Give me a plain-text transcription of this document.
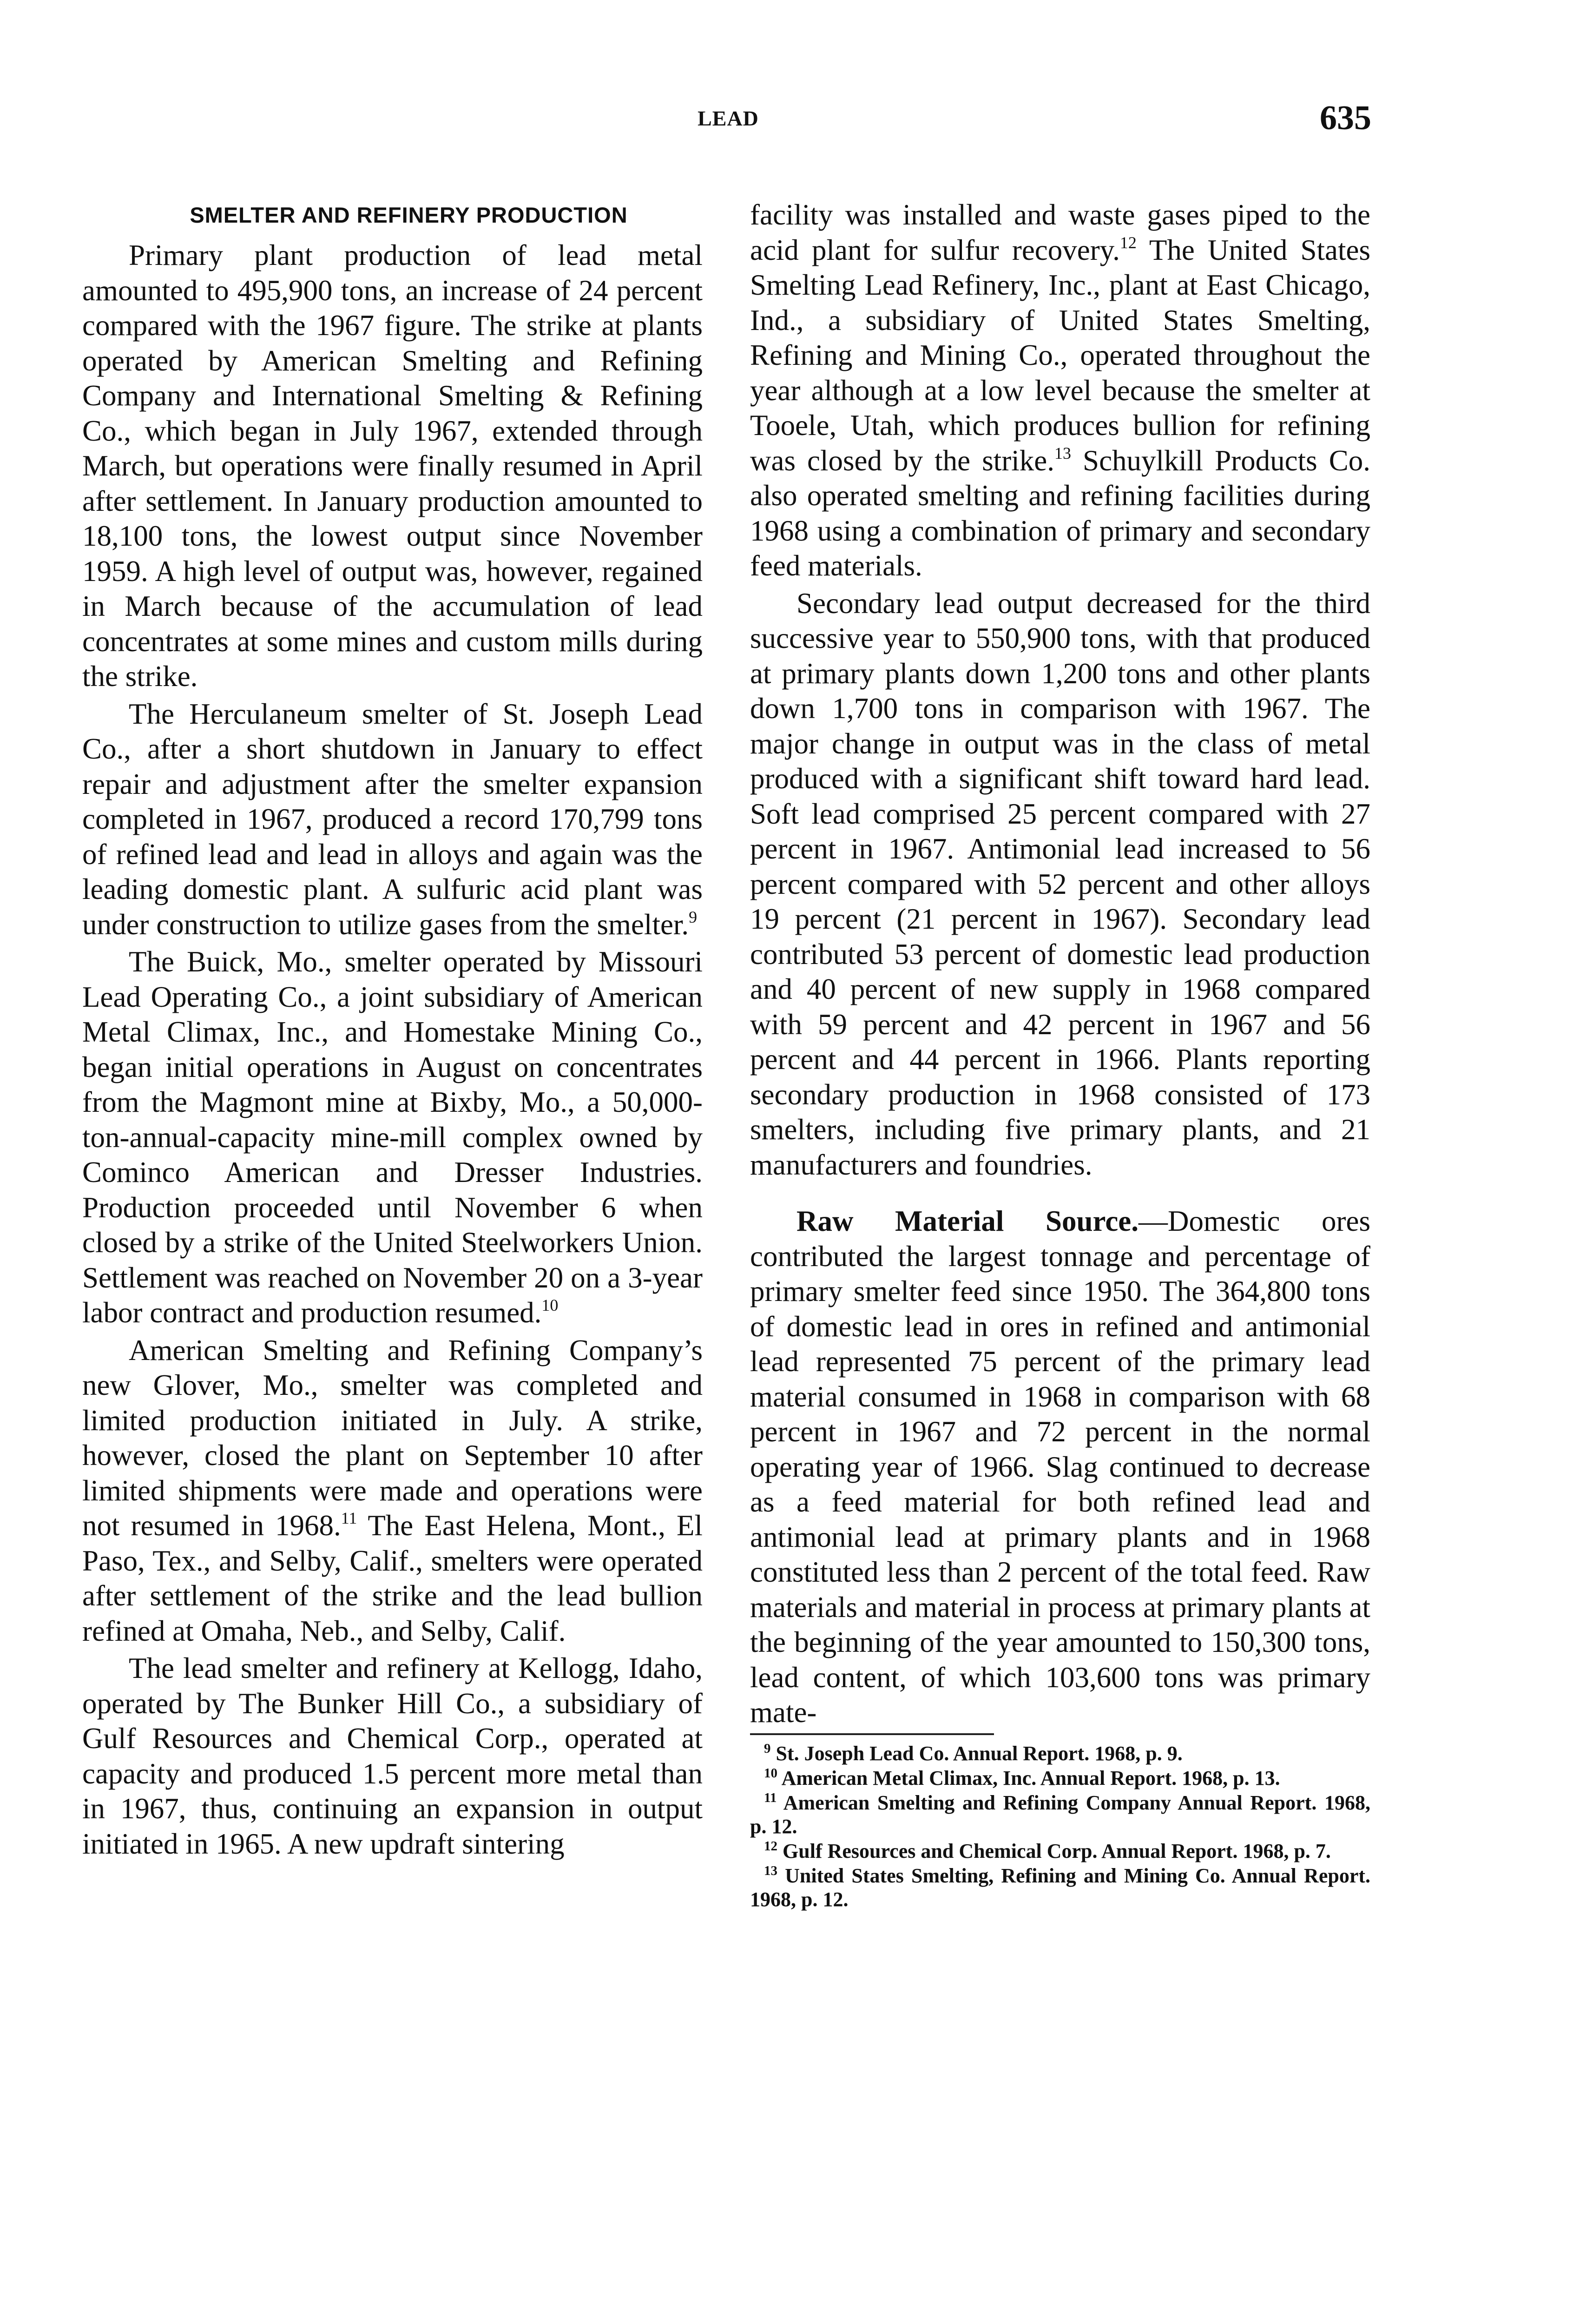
LEAD	635
SMELTER AND REFINERY PRODUCTION

Primary plant production of lead metal amounted to 495,900 tons, an increase of 24 percent compared with the 1967 figure. The strike at plants operated by American Smelting and Refining Company and International Smelting & Refining Co., which began in July 1967, extended through March, but operations were finally resumed in April after settlement. In January production amounted to 18,100 tons, the lowest output since November 1959. A high level of output was, however, regained in March because of the accumulation of lead concentrates at some mines and custom mills during the strike.

The Herculaneum smelter of St. Joseph Lead Co., after a short shutdown in January to effect repair and adjustment after the smelter expansion completed in 1967, produced a record 170,799 tons of refined lead and lead in alloys and again was the leading domestic plant. A sulfuric acid plant was under construction to utilize gases from the smelter.$^9$

The Buick, Mo., smelter operated by Missouri Lead Operating Co., a joint subsidiary of American Metal Climax, Inc., and Homestake Mining Co., began initial operations in August on concentrates from the Magmont mine at Bixby, Mo., a 50,000-ton-annual-capacity mine-mill complex owned by Cominco American and Dresser Industries. Production proceeded until November 6 when closed by a strike of the United Steelworkers Union. Settlement was reached on November 20 on a 3-year labor contract and production resumed.$^{10}$

American Smelting and Refining Company’s new Glover, Mo., smelter was completed and limited production initiated in July. A strike, however, closed the plant on September 10 after limited shipments were made and operations were not resumed in 1968.11 The East Helena, Mont., El Paso, Tex., and Selby, Calif., smelters were operated after settlement of the strike and the lead bullion refined at Omaha, Neb., and Selby, Calif.

The lead smelter and refinery at Kellogg, Idaho, operated by The Bunker Hill Co., a subsidiary of Gulf Resources and Chemical Corp., operated at capacity and produced 1.5 percent more metal than in 1967, thus, continuing an expansion in output initiated in 1965. A new updraft sintering

facility was installed and waste gases piped to the acid plant for sulfur recovery.$^{12}$ The United States Smelting Lead Refinery, Inc., plant at East Chicago, Ind., a subsidiary of United States Smelting, Refining and Mining Co., operated throughout the year although at a low level because the smelter at Tooele, Utah, which produces bullion for refining was closed by the strike.$^{13}$ Schuylkill Products Co. also operated smelting and refining facilities during 1968 using a combination of primary and secondary feed materials.

Secondary lead output decreased for the third successive year to 550,900 tons, with that produced at primary plants down 1,200 tons and other plants down 1,700 tons in comparison with 1967. The major change in output was in the class of metal produced with a significant shift toward hard lead. Soft lead comprised 25 percent compared with 27 percent in 1967. Antimonial lead increased to 56 percent compared with 52 percent and other alloys 19 percent (21 percent in 1967). Secondary lead contributed 53 percent of domestic lead production and 40 percent of new supply in 1968 compared with 59 percent and 42 percent in 1967 and 56 percent and 44 percent in 1966. Plants reporting secondary production in 1968 consisted of 173 smelters, including five primary plants, and 21 manufacturers and foundries.

Raw Material Source.—Domestic ores contributed the largest tonnage and percentage of primary smelter feed since 1950. The 364,800 tons of domestic lead in ores in refined and antimonial lead represented 75 percent of the primary lead material consumed in 1968 in comparison with 68 percent in 1967 and 72 percent in the normal operating year of 1966. Slag continued to decrease as a feed material for both refined lead and antimonial lead at primary plants and in 1968 constituted less than 2 percent of the total feed. Raw materials and material in process at primary plants at the beginning of the year amounted to 150,300 tons, lead content, of which 103,600 tons was primary mate-

$^9$ St. Joseph Lead Co. Annual Report. 1968, p. 9.

$^{10}$ American Metal Climax, Inc. Annual Report. 1968, p. 13.

$^{11}$ American Smelting and Refining Company Annual Report. 1968, p. 12.

$^{12}$ Gulf Resources and Chemical Corp. Annual Report. 1968, p. 7.

$^{13}$ United States Smelting, Refining and Mining Co. Annual Report. 1968, p. 12.
